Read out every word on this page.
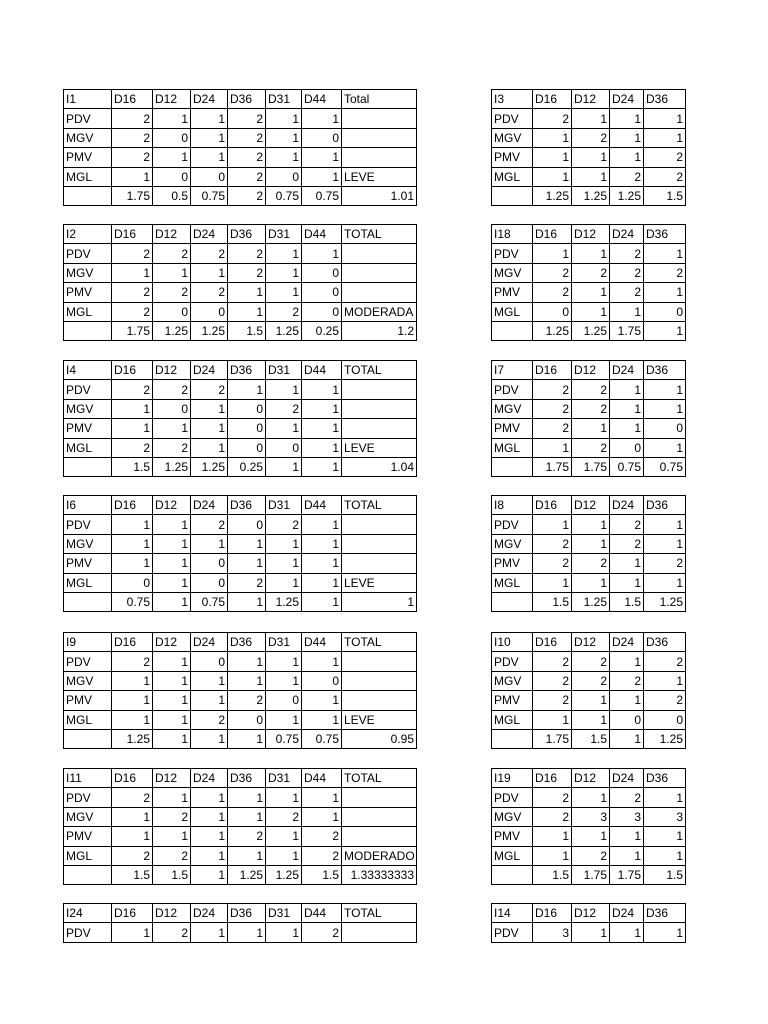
I1	D16	D12	D24	D36	D31	D44	Total
PDV	2	1	1	2	1	1	
MGV	2	0	1	2	1	0	
PMV	2	1	1	2	1	1	
MGL	1	0	0	2	0	1	LEVE
	1.75	0.5	0.75	2	0.75	0.75	1.01
I3	D16	D12	D24	D36
PDV	2	1	1	1
MGV	1	2	1	1
PMV	1	1	1	2
MGL	1	1	2	2
	1.25	1.25	1.25	1.5
I2	D16	D12	D24	D36	D31	D44	TOTAL
PDV	2	2	2	2	1	1	
MGV	1	1	1	2	1	0	
PMV	2	2	2	1	1	0	
MGL	2	0	0	1	2	0	MODERADA
	1.75	1.25	1.25	1.5	1.25	0.25	1.2
I18	D16	D12	D24	D36
PDV	1	1	2	1
MGV	2	2	2	2
PMV	2	1	2	1
MGL	0	1	1	0
	1.25	1.25	1.75	1
I4	D16	D12	D24	D36	D31	D44	TOTAL
PDV	2	2	2	1	1	1	
MGV	1	0	1	0	2	1	
PMV	1	1	1	0	1	1	
MGL	2	2	1	0	0	1	LEVE
	1.5	1.25	1.25	0.25	1	1	1.04
I7	D16	D12	D24	D36
PDV	2	2	1	1
MGV	2	2	1	1
PMV	2	1	1	0
MGL	1	2	0	1
	1.75	1.75	0.75	0.75
I6	D16	D12	D24	D36	D31	D44	TOTAL
PDV	1	1	2	0	2	1	
MGV	1	1	1	1	1	1	
PMV	1	1	0	1	1	1	
MGL	0	1	0	2	1	1	LEVE
	0.75	1	0.75	1	1.25	1	1
I8	D16	D12	D24	D36
PDV	1	1	2	1
MGV	2	1	2	1
PMV	2	2	1	2
MGL	1	1	1	1
	1.5	1.25	1.5	1.25
I9	D16	D12	D24	D36	D31	D44	TOTAL
PDV	2	1	0	1	1	1	
MGV	1	1	1	1	1	0	
PMV	1	1	1	2	0	1	
MGL	1	1	2	0	1	1	LEVE
	1.25	1	1	1	0.75	0.75	0.95
I10	D16	D12	D24	D36
PDV	2	2	1	2
MGV	2	2	2	1
PMV	2	1	1	2
MGL	1	1	0	0
	1.75	1.5	1	1.25
I11	D16	D12	D24	D36	D31	D44	TOTAL
PDV	2	1	1	1	1	1	
MGV	1	2	1	1	2	1	
PMV	1	1	1	2	1	2	
MGL	2	2	1	1	1	2	MODERADO
	1.5	1.5	1	1.25	1.25	1.5	1.33333333
I19	D16	D12	D24	D36
PDV	2	1	2	1
MGV	2	3	3	3
PMV	1	1	1	1
MGL	1	2	1	1
	1.5	1.75	1.75	1.5
I24	D16	D12	D24	D36	D31	D44	TOTAL
PDV	1	2	1	1	1	2	
I14	D16	D12	D24	D36
PDV	3	1	1	1
